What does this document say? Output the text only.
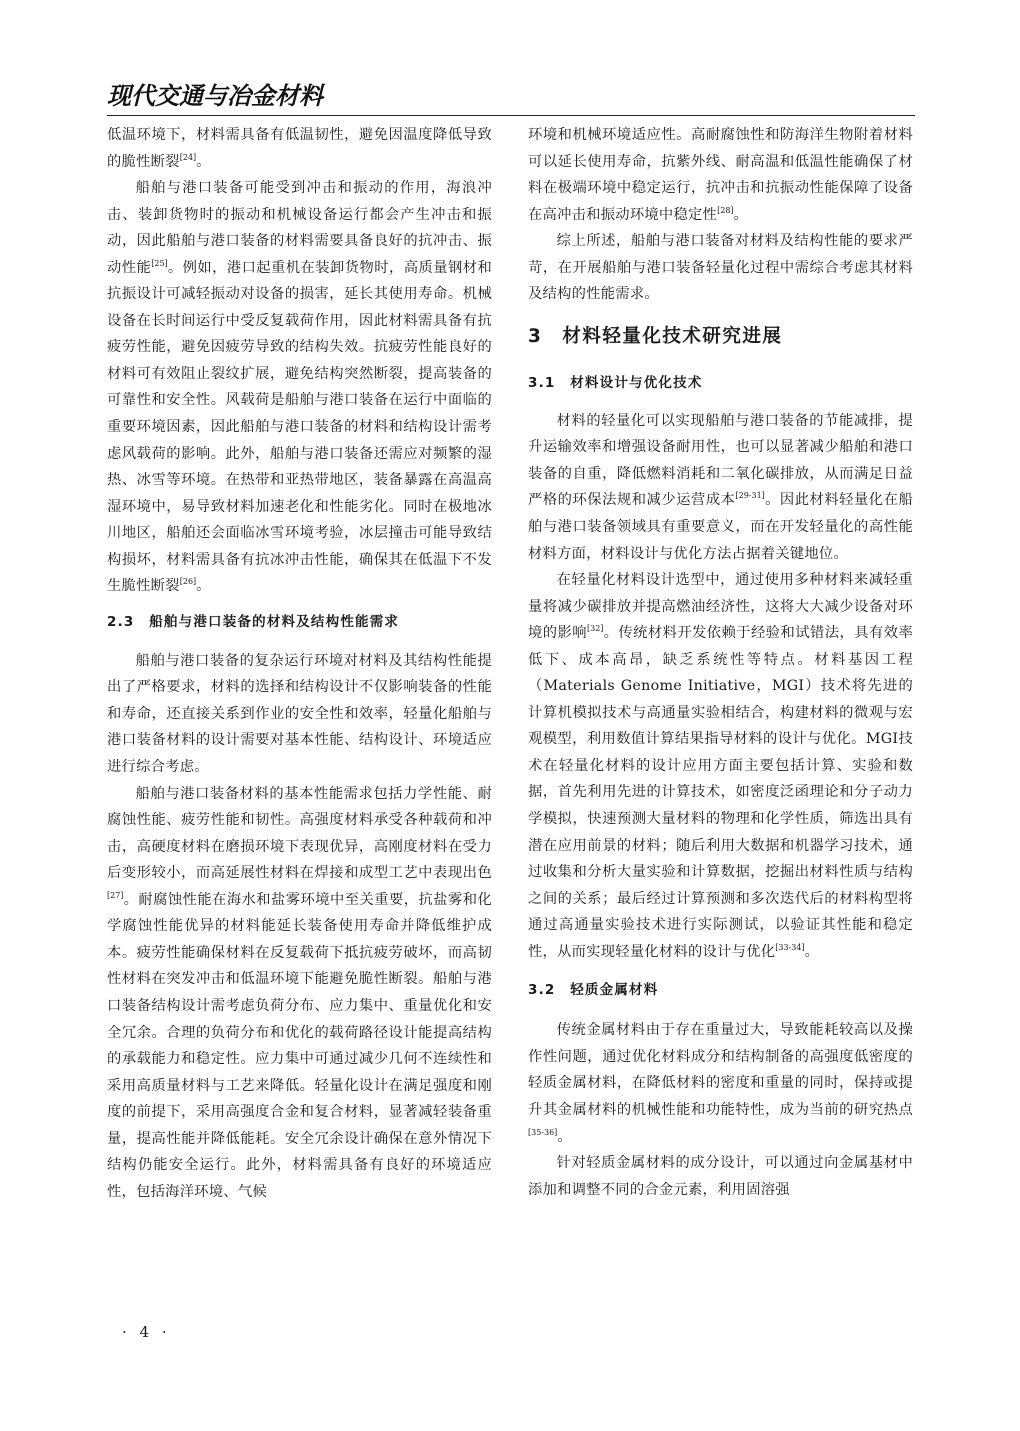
现代交通与冶金材料

低温环境下，材料需具备有低温韧性，避免因温度降低导致的脆性断裂[24]。

船舶与港口装备可能受到冲击和振动的作用，海浪冲击、装卸货物时的振动和机械设备运行都会产生冲击和振动，因此船舶与港口装备的材料需要具备良好的抗冲击、振动性能[25]。例如，港口起重机在装卸货物时，高质量钢材和抗振设计可减轻振动对设备的损害，延长其使用寿命。机械设备在长时间运行中受反复载荷作用，因此材料需具备有抗疲劳性能，避免因疲劳导致的结构失效。抗疲劳性能良好的材料可有效阻止裂纹扩展，避免结构突然断裂，提高装备的可靠性和安全性。风载荷是船舶与港口装备在运行中面临的重要环境因素，因此船舶与港口装备的材料和结构设计需考虑风载荷的影响。此外，船舶与港口装备还需应对频繁的湿热、冰雪等环境。在热带和亚热带地区，装备暴露在高温高湿环境中，易导致材料加速老化和性能劣化。同时在极地冰川地区，船舶还会面临冰雪环境考验，冰层撞击可能导致结构损坏，材料需具备有抗冰冲击性能，确保其在低温下不发生脆性断裂[26]。

2.3　船舶与港口装备的材料及结构性能需求

船舶与港口装备的复杂运行环境对材料及其结构性能提出了严格要求，材料的选择和结构设计不仅影响装备的性能和寿命，还直接关系到作业的安全性和效率，轻量化船舶与港口装备材料的设计需要对基本性能、结构设计、环境适应进行综合考虑。

船舶与港口装备材料的基本性能需求包括力学性能、耐腐蚀性能、疲劳性能和韧性。高强度材料承受各种载荷和冲击，高硬度材料在磨损环境下表现优异，高刚度材料在受力后变形较小，而高延展性材料在焊接和成型工艺中表现出色[27]。耐腐蚀性能在海水和盐雾环境中至关重要，抗盐雾和化学腐蚀性能优异的材料能延长装备使用寿命并降低维护成本。疲劳性能确保材料在反复载荷下抵抗疲劳破坏，而高韧性材料在突发冲击和低温环境下能避免脆性断裂。船舶与港口装备结构设计需考虑负荷分布、应力集中、重量优化和安全冗余。合理的负荷分布和优化的载荷路径设计能提高结构的承载能力和稳定性。应力集中可通过减少几何不连续性和采用高质量材料与工艺来降低。轻量化设计在满足强度和刚度的前提下，采用高强度合金和复合材料，显著减轻装备重量，提高性能并降低能耗。安全冗余设计确保在意外情况下结构仍能安全运行。此外，材料需具备有良好的环境适应性，包括海洋环境、气候

环境和机械环境适应性。高耐腐蚀性和防海洋生物附着材料可以延长使用寿命，抗紫外线、耐高温和低温性能确保了材料在极端环境中稳定运行，抗冲击和抗振动性能保障了设备在高冲击和振动环境中稳定性[28]。

综上所述，船舶与港口装备对材料及结构性能的要求严苛，在开展船舶与港口装备轻量化过程中需综合考虑其材料及结构的性能需求。

3　材料轻量化技术研究进展
3.1　材料设计与优化技术

材料的轻量化可以实现船舶与港口装备的节能减排，提升运输效率和增强设备耐用性，也可以显著减少船舶和港口装备的自重，降低燃料消耗和二氧化碳排放，从而满足日益严格的环保法规和减少运营成本[29-31]。因此材料轻量化在船舶与港口装备领域具有重要意义，而在开发轻量化的高性能材料方面，材料设计与优化方法占据着关键地位。

在轻量化材料设计选型中，通过使用多种材料来减轻重量将减少碳排放并提高燃油经济性，这将大大减少设备对环境的影响[32]。传统材料开发依赖于经验和试错法，具有效率低下、成本高昂，缺乏系统性等特点。材料基因工程（Materials Genome Initiative，MGI）技术将先进的计算机模拟技术与高通量实验相结合，构建材料的微观与宏观模型，利用数值计算结果指导材料的设计与优化。MGI技术在轻量化材料的设计应用方面主要包括计算、实验和数据，首先利用先进的计算技术，如密度泛函理论和分子动力学模拟，快速预测大量材料的物理和化学性质，筛选出具有潜在应用前景的材料；随后利用大数据和机器学习技术，通过收集和分析大量实验和计算数据，挖掘出材料性质与结构之间的关系；最后经过计算预测和多次迭代后的材料构型将通过高通量实验技术进行实际测试，以验证其性能和稳定性，从而实现轻量化材料的设计与优化[33-34]。

3.2　轻质金属材料

传统金属材料由于存在重量过大，导致能耗较高以及操作性问题，通过优化材料成分和结构制备的高强度低密度的轻质金属材料，在降低材料的密度和重量的同时，保持或提升其金属材料的机械性能和功能特性，成为当前的研究热点[35-36]。

针对轻质金属材料的成分设计，可以通过向金属基材中添加和调整不同的合金元素，利用固溶强

· 4 ·
